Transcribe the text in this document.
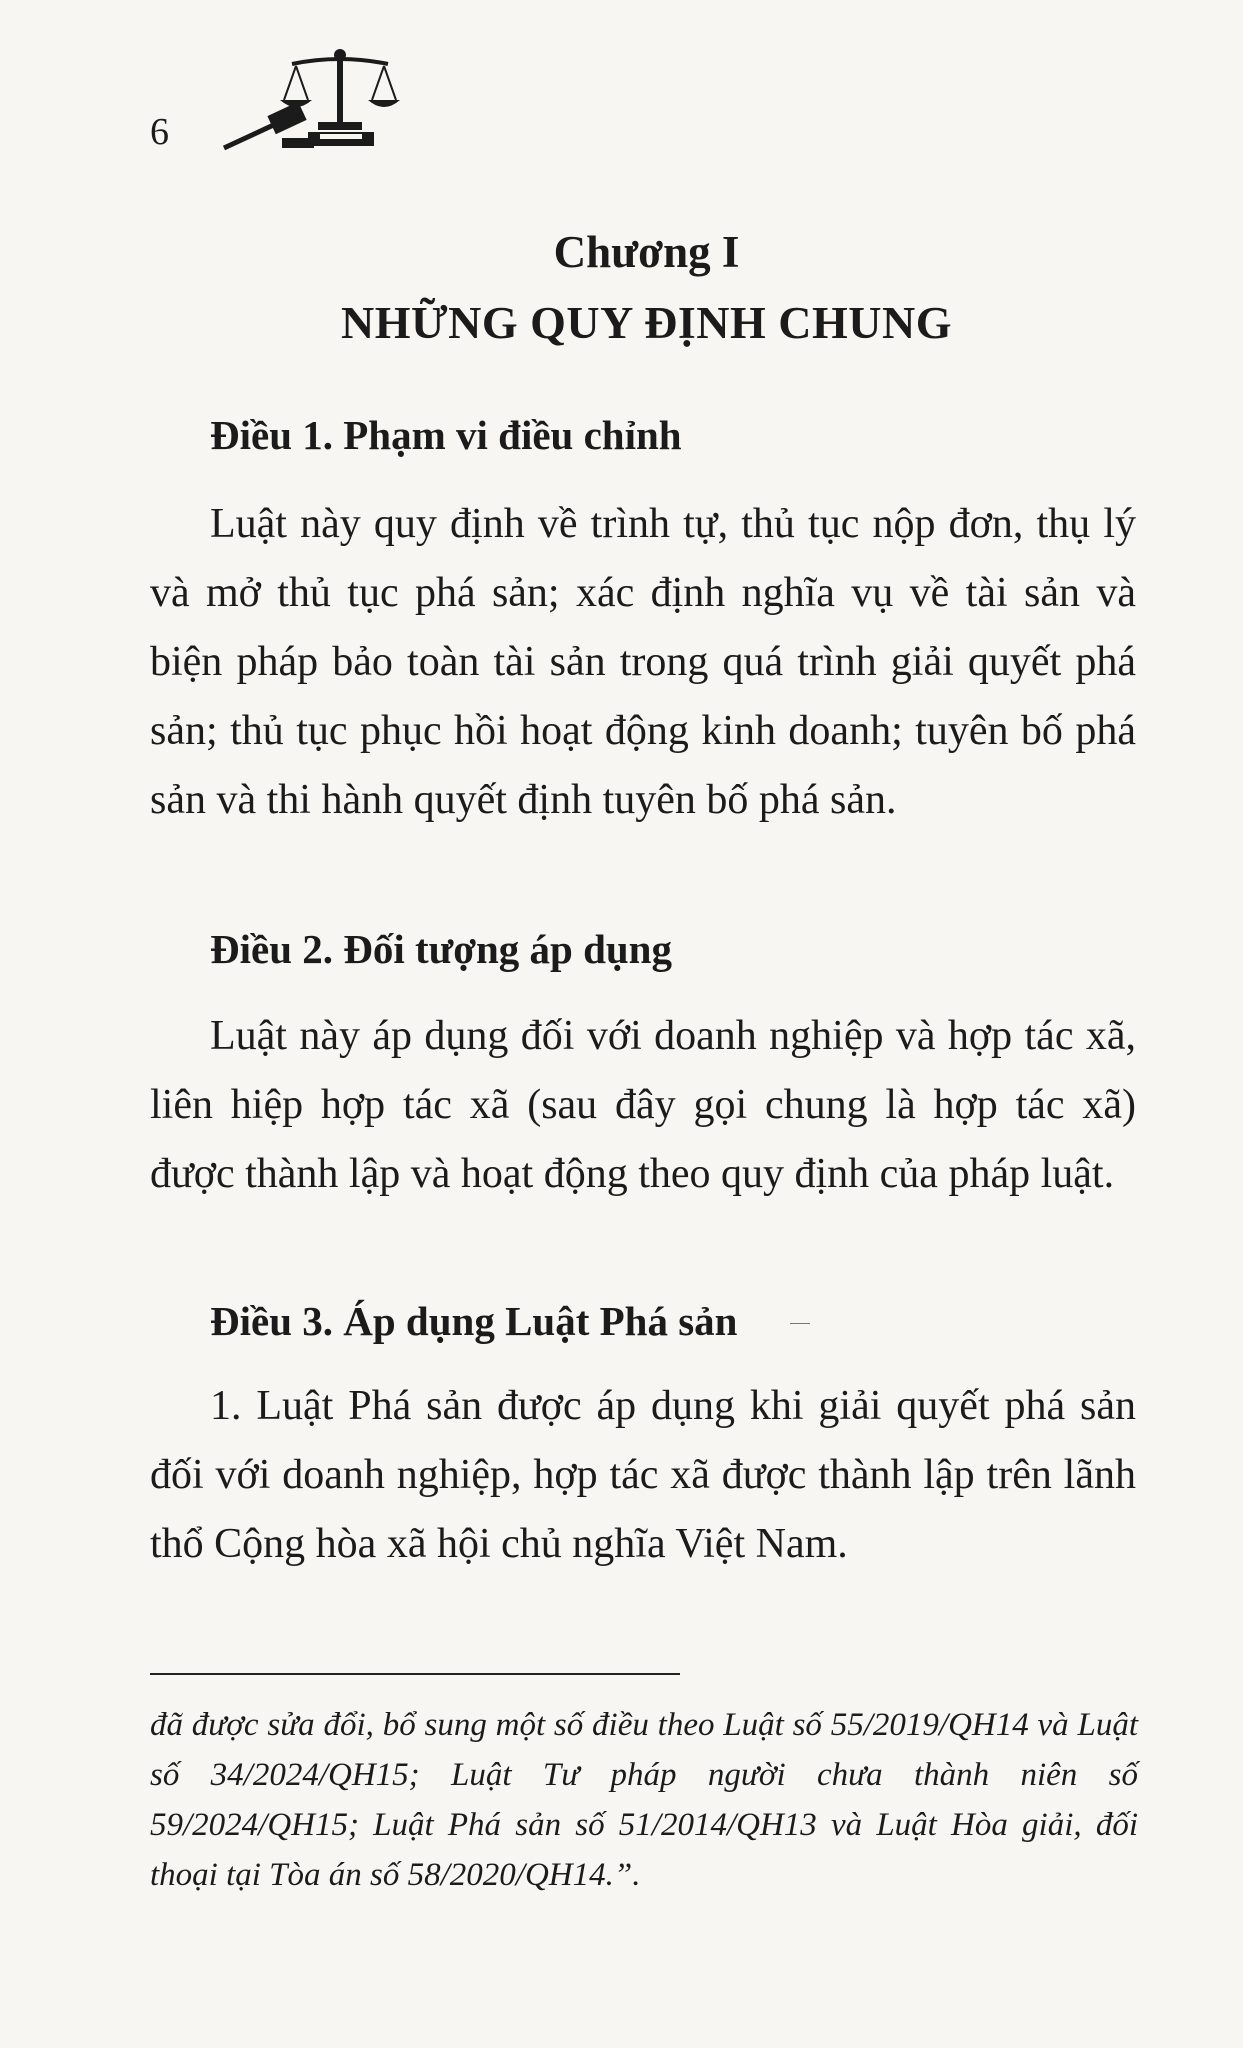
6
Chương I
NHỮNG QUY ĐỊNH CHUNG
Điều 1. Phạm vi điều chỉnh
Luật này quy định về trình tự, thủ tục nộp đơn, thụ lý và mở thủ tục phá sản; xác định nghĩa vụ về tài sản và biện pháp bảo toàn tài sản trong quá trình giải quyết phá sản; thủ tục phục hồi hoạt động kinh doanh; tuyên bố phá sản và thi hành quyết định tuyên bố phá sản.
Điều 2. Đối tượng áp dụng
Luật này áp dụng đối với doanh nghiệp và hợp tác xã, liên hiệp hợp tác xã (sau đây gọi chung là hợp tác xã) được thành lập và hoạt động theo quy định của pháp luật.
Điều 3. Áp dụng Luật Phá sản
1. Luật Phá sản được áp dụng khi giải quyết phá sản đối với doanh nghiệp, hợp tác xã được thành lập trên lãnh thổ Cộng hòa xã hội chủ nghĩa Việt Nam.
đã được sửa đổi, bổ sung một số điều theo Luật số 55/2019/QH14 và Luật số 34/2024/QH15; Luật Tư pháp người chưa thành niên số 59/2024/QH15; Luật Phá sản số 51/2014/QH13 và Luật Hòa giải, đối thoại tại Tòa án số 58/2020/QH14.”.
